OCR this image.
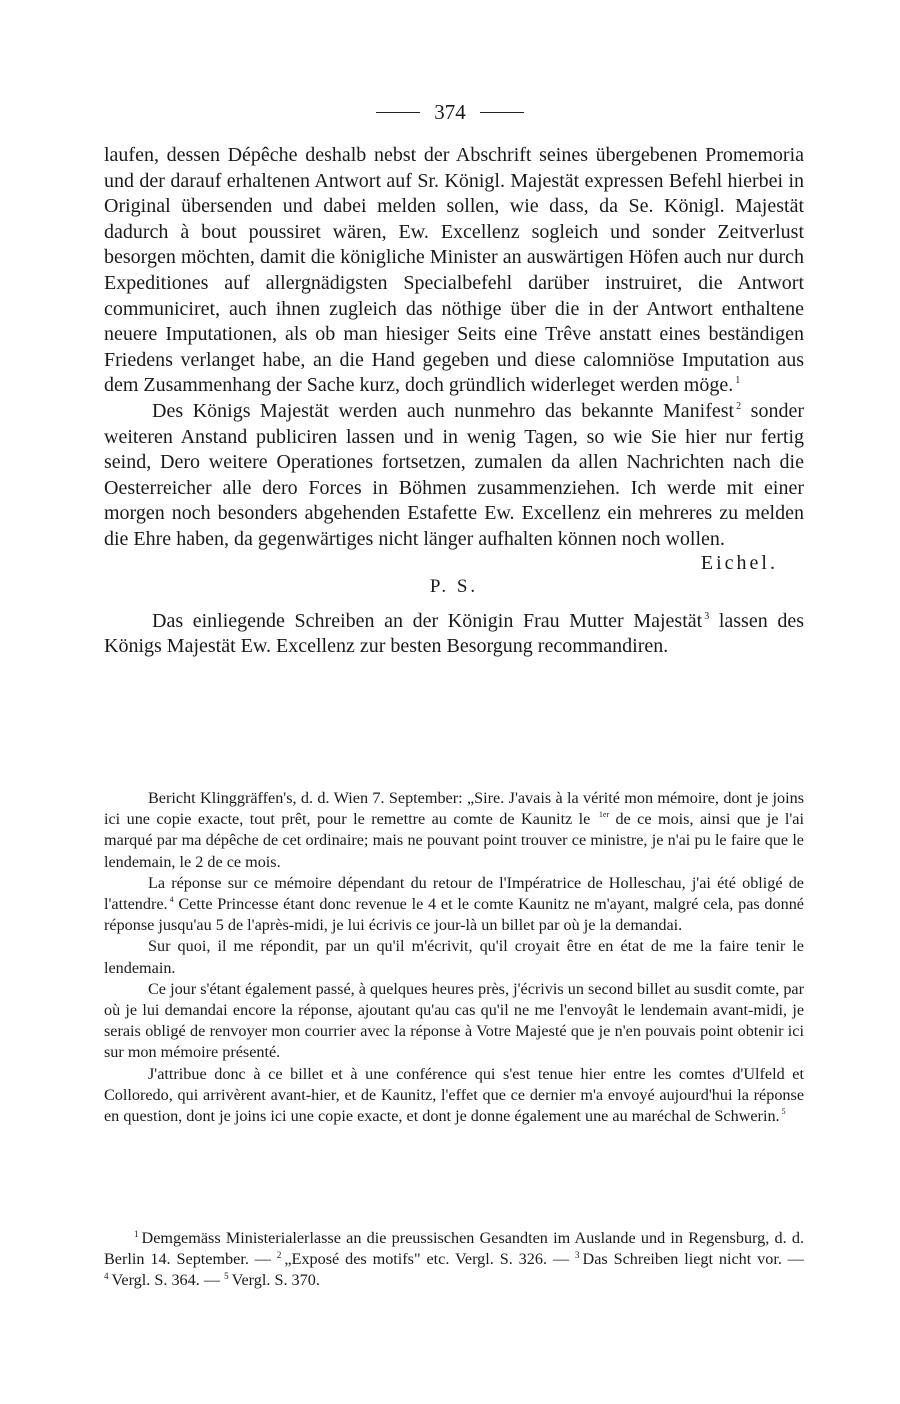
374

laufen, dessen Dépêche deshalb nebst der Abschrift seines übergebenen Promemoria und der darauf erhaltenen Antwort auf Sr. Königl. Majestät expressen Befehl hierbei in Original übersenden und dabei melden sollen, wie dass, da Se. Königl. Majestät dadurch à bout poussiret wären, Ew. Excellenz sogleich und sonder Zeitverlust besorgen möchten, damit die königliche Minister an auswärtigen Höfen auch nur durch Expeditiones auf allergnädigsten Specialbefehl darüber instruiret, die Antwort communiciret, auch ihnen zugleich das nöthige über die in der Antwort enthaltene neuere Imputationen, als ob man hiesiger Seits eine Trêve anstatt eines beständigen Friedens verlanget habe, an die Hand gegeben und diese calomniöse Imputation aus dem Zusammenhang der Sache kurz, doch gründlich widerleget werden möge. $^1$

Des Königs Majestät werden auch nunmehro das bekannte Manifest $^2$ sonder weiteren Anstand publiciren lassen und in wenig Tagen, so wie Sie hier nur fertig seind, Dero weitere Operationes fortsetzen, zumalen da allen Nachrichten nach die Oesterreicher alle dero Forces in Böhmen zusammenziehen. Ich werde mit einer morgen noch besonders abgehenden Estafette Ew. Excellenz ein mehreres zu melden die Ehre haben, da gegenwärtiges nicht länger aufhalten können noch wollen.

Eichel.
P. S.

Das einliegende Schreiben an der Königin Frau Mutter Majestät $^3$ lassen des Königs Majestät Ew. Excellenz zur besten Besorgung recommandiren.

Bericht Klinggräffen's, d. d. Wien 7. September: „Sire. J'avais à la vérité mon mémoire, dont je joins ici une copie exacte, tout prêt, pour le remettre au comte de Kaunitz le $^{1er}$ de ce mois, ainsi que je l'ai marqué par ma dépêche de cet ordinaire; mais ne pouvant point trouver ce ministre, je n'ai pu le faire que le lendemain, le 2 de ce mois.

La réponse sur ce mémoire dépendant du retour de l'Impératrice de Holleschau, j'ai été obligé de l'attendre. $^4$ Cette Princesse étant donc revenue le 4 et le comte Kaunitz ne m'ayant, malgré cela, pas donné réponse jusqu'au 5 de l'après-midi, je lui écrivis ce jour-là un billet par où je la demandai.

Sur quoi, il me répondit, par un qu'il m'écrivit, qu'il croyait être en état de me la faire tenir le lendemain.

Ce jour s'étant également passé, à quelques heures près, j'écrivis un second billet au susdit comte, par où je lui demandai encore la réponse, ajoutant qu'au cas qu'il ne me l'envoyât le lendemain avant-midi, je serais obligé de renvoyer mon courrier avec la réponse à Votre Majesté que je n'en pouvais point obtenir ici sur mon mémoire présenté.

J'attribue donc à ce billet et à une conférence qui s'est tenue hier entre les comtes d'Ulfeld et Colloredo, qui arrivèrent avant-hier, et de Kaunitz, l'effet que ce dernier m'a envoyé aujourd'hui la réponse en question, dont je joins ici une copie exacte, et dont je donne également une au maréchal de Schwerin. $^5$

$^1$ Demgemäss Ministerialerlasse an die preussischen Gesandten im Auslande und in Regensburg, d. d. Berlin 14. September. — $^2$ „Exposé des motifs" etc. Vergl. S. 326. — $^3$ Das Schreiben liegt nicht vor. — $^4$ Vergl. S. 364. — $^5$ Vergl. S. 370.
